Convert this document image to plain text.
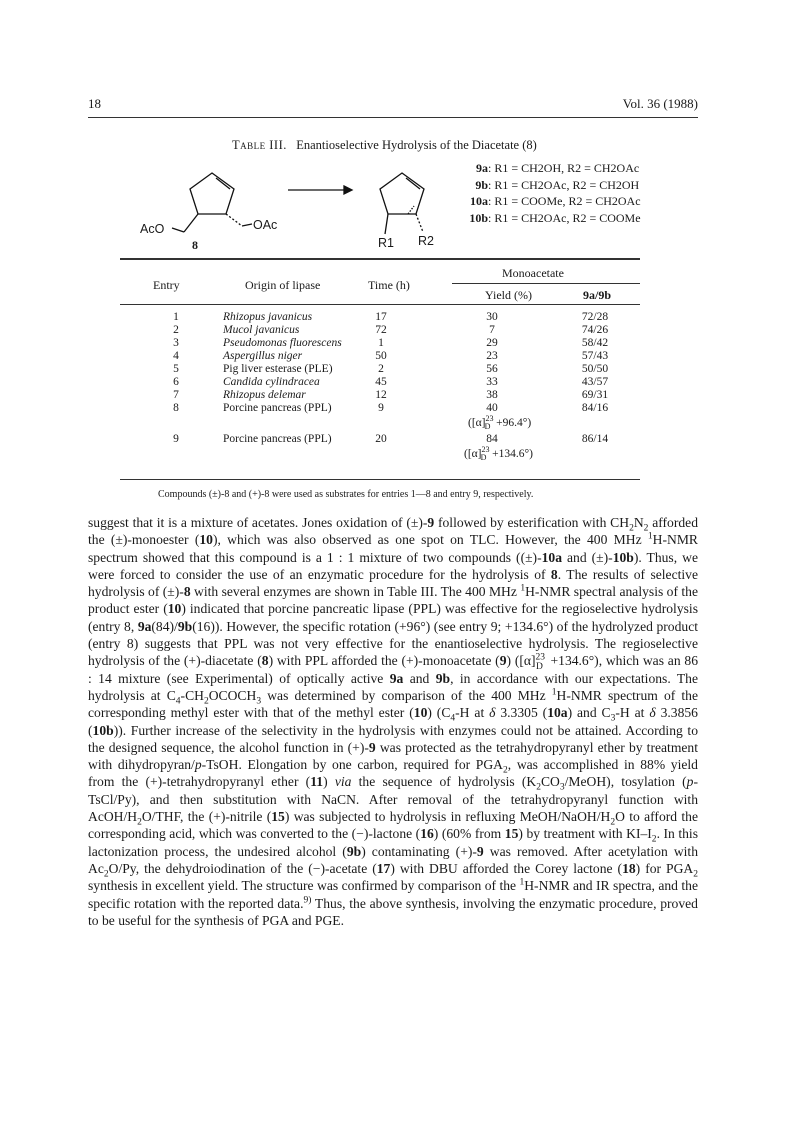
18	Vol. 36 (1988)
Table III. Enantioselective Hydrolysis of the Diacetate (8)
AcO	OAc
8	R1 R2
9a: R1 = CH2OH, R2 = CH2OAc
9b: R1 = CH2OAc, R2 = CH2OH
10a: R1 = COOMe, R2 = CH2OAc
10b: R1 = CH2OAc, R2 = COOMe
Entry	Origin of lipase	Time (h)
Monoacetate
Yield (%)	9a/9b
1	Rhizopus javanicus	17	30	72/28
2	Mucol javanicus	72	7	74/26
3	Pseudomonas fluorescens	1	29	58/42
4	Aspergillus niger	50	23	57/43
5	Pig liver esterase (PLE)	2	56	50/50
6	Candida cylindracea	45	33	43/57
7	Rhizopus delemar	12	38	69/31
8	Porcine pancreas (PPL)	9	40	84/16
$([\alpha]^{23}_D +96.4^\circ)$
9	Porcine pancreas (PPL)	20	84	86/14
$([\alpha]^{23}_D +134.6^\circ)$
Compounds (±)-8 and (+)-8 were used as substrates for entries 1—8 and entry 9, respectively.

suggest that it is a mixture of acetates. Jones oxidation of (±)-9 followed by esterification with $CH_2N_2$ afforded the (±)-monoester (10), which was also observed as one spot on TLC. However, the 400 MHz $^1$H-NMR spectrum showed that this compound is a 1 : 1 mixture of two compounds ((±)-10a and (±)-10b). Thus, we were forced to consider the use of an enzymatic procedure for the hydrolysis of 8. The results of selective hydrolysis of (±)-8 with several enzymes are shown in Table III. The 400 MHz $^1$H-NMR spectral analysis of the product ester (10) indicated that porcine pancreatic lipase (PPL) was effective for the regioselective hydrolysis (entry 8, 9a(84)/9b(16)). However, the specific rotation (+96°) (see entry 9; +134.6°) of the hydrolyzed product (entry 8) suggests that PPL was not very effective for the enantioselective hydrolysis. The regioselective hydrolysis of the (+)-diacetate (8) with PPL afforded the (+)-monoacetate (9) $([\alpha]^{23}_D +134.6^\circ)$, which was an 86 : 14 mixture (see Experimental) of optically active 9a and 9b, in accordance with our expectations. The hydrolysis at $C_4-CH_2OCOCH_3$ was determined by comparison of the 400 MHz $^1$H-NMR spectrum of the corresponding methyl ester with that of the methyl ester (10) ($C_4-H$ at δ 3.3305 (10a) and $C_3-H$ at δ 3.3856 (10b)). Further increase of the selectivity in the hydrolysis with enzymes could not be attained. According to the designed sequence, the alcohol function in (+)-9 was protected as the tetrahydropyranyl ether by treatment with dihydropyran/p-TsOH. Elongation by one carbon, required for $PGA_2$, was accomplished in 88% yield from the (+)-tetrahydropyranyl ether (11) via the sequence of hydrolysis $(K_2CO_3/MeOH)$, tosylation (p-TsCl/Py), and then substitution with NaCN. After removal of the tetrahydropyranyl function with AcOH/$H_2O$/THF, the (+)-nitrile (15) was subjected to hydrolysis in refluxing MeOH/$NaOH/H_2O$ to afford the corresponding acid, which was converted to the (−)-lactone (16) (60% from 15) by treatment with $KI-I_2$. In this lactonization process, the undesired alcohol (9b) contaminating (+)-9 was removed. After acetylation with $Ac_2O/Py$, the dehydroiodination of the (−)-acetate (17) with DBU afforded the Corey lactone (18) for $PGA_2$ synthesis in excellent yield. The structure was confirmed by comparison of the $^1$H-NMR and IR spectra, and the specific rotation with the reported data.$^{9)}$ Thus, the above synthesis, involving the enzymatic procedure, proved to be useful for the synthesis of PGA and PGE.
